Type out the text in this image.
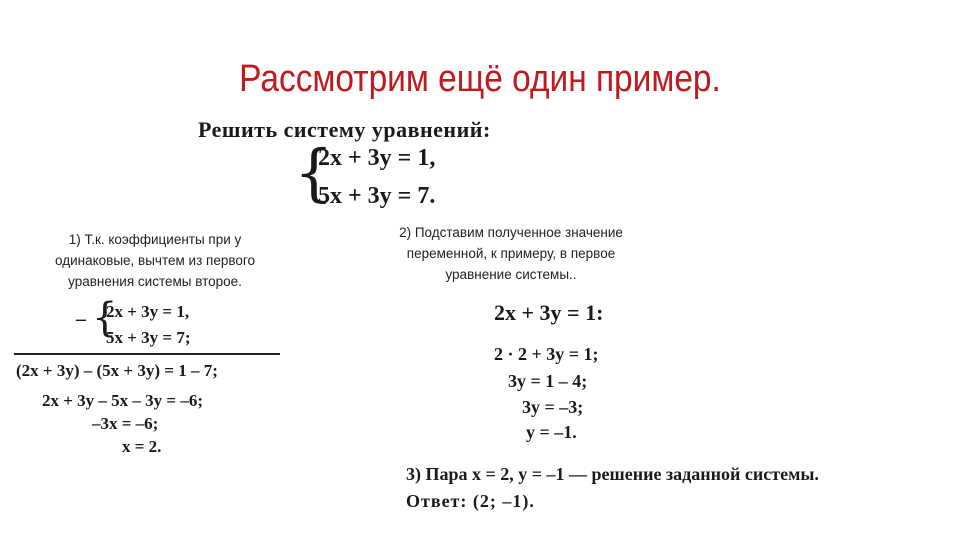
Рассмотрим ещё один пример.
Решить систему уравнений:
{
2x + 3y = 1,
5x + 3y = 7.
1) Т.к. коэффициенты при у одинаковые, вычтем из первого уравнения системы второе.
– {
2x + 3y = 1,
5x + 3y = 7;
(2x + 3y) – (5x + 3y) = 1 – 7;
2x + 3y – 5x – 3y = –6;
–3x = –6;
x = 2.
2) Подставим полученное значение переменной, к примеру, в первое уравнение системы..
2x + 3y = 1:
2 · 2 + 3y = 1;
3y = 1 – 4;
3y = –3;
y = –1.
3) Пара x = 2, y = –1 — решение заданной системы.
Ответ: (2; –1).
